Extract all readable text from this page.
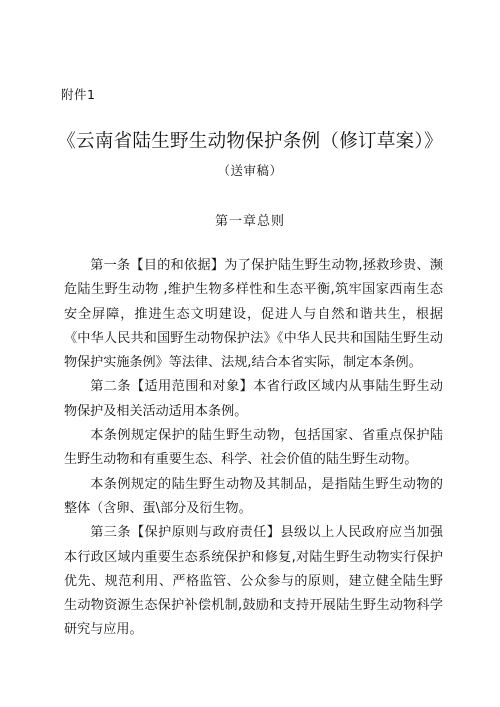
附件1
《云南省陆生野生动物保护条例（修订草案）》
（送审稿）
第一章总则

第一条【目的和依据】为了保护陆生野生动物,拯救珍贵、濒危陆生野生动物 ,维护生物多样性和生态平衡,筑牢国家西南生态安全屏障，推进生态文明建设，促进人与自然和谐共生，根据《中华人民共和国野生动物保护法》《中华人民共和国陆生野生动物保护实施条例》等法律、法规,结合本省实际，制定本条例。

第二条【适用范围和对象】本省行政区域内从事陆生野生动物保护及相关活动适用本条例。

本条例规定保护的陆生野生动物，包括国家、省重点保护陆生野生动物和有重要生态、科学、社会价值的陆生野生动物。

本条例规定的陆生野生动物及其制品，是指陆生野生动物的整体（含卵、蛋\部分及衍生物。

第三条【保护原则与政府责任】县级以上人民政府应当加强本行政区域内重要生态系统保护和修复,对陆生野生动物实行保护优先、规范利用、严格监管、公众参与的原则，建立健全陆生野生动物资源生态保护补偿机制,鼓励和支持开展陆生野生动物科学研究与应用。
